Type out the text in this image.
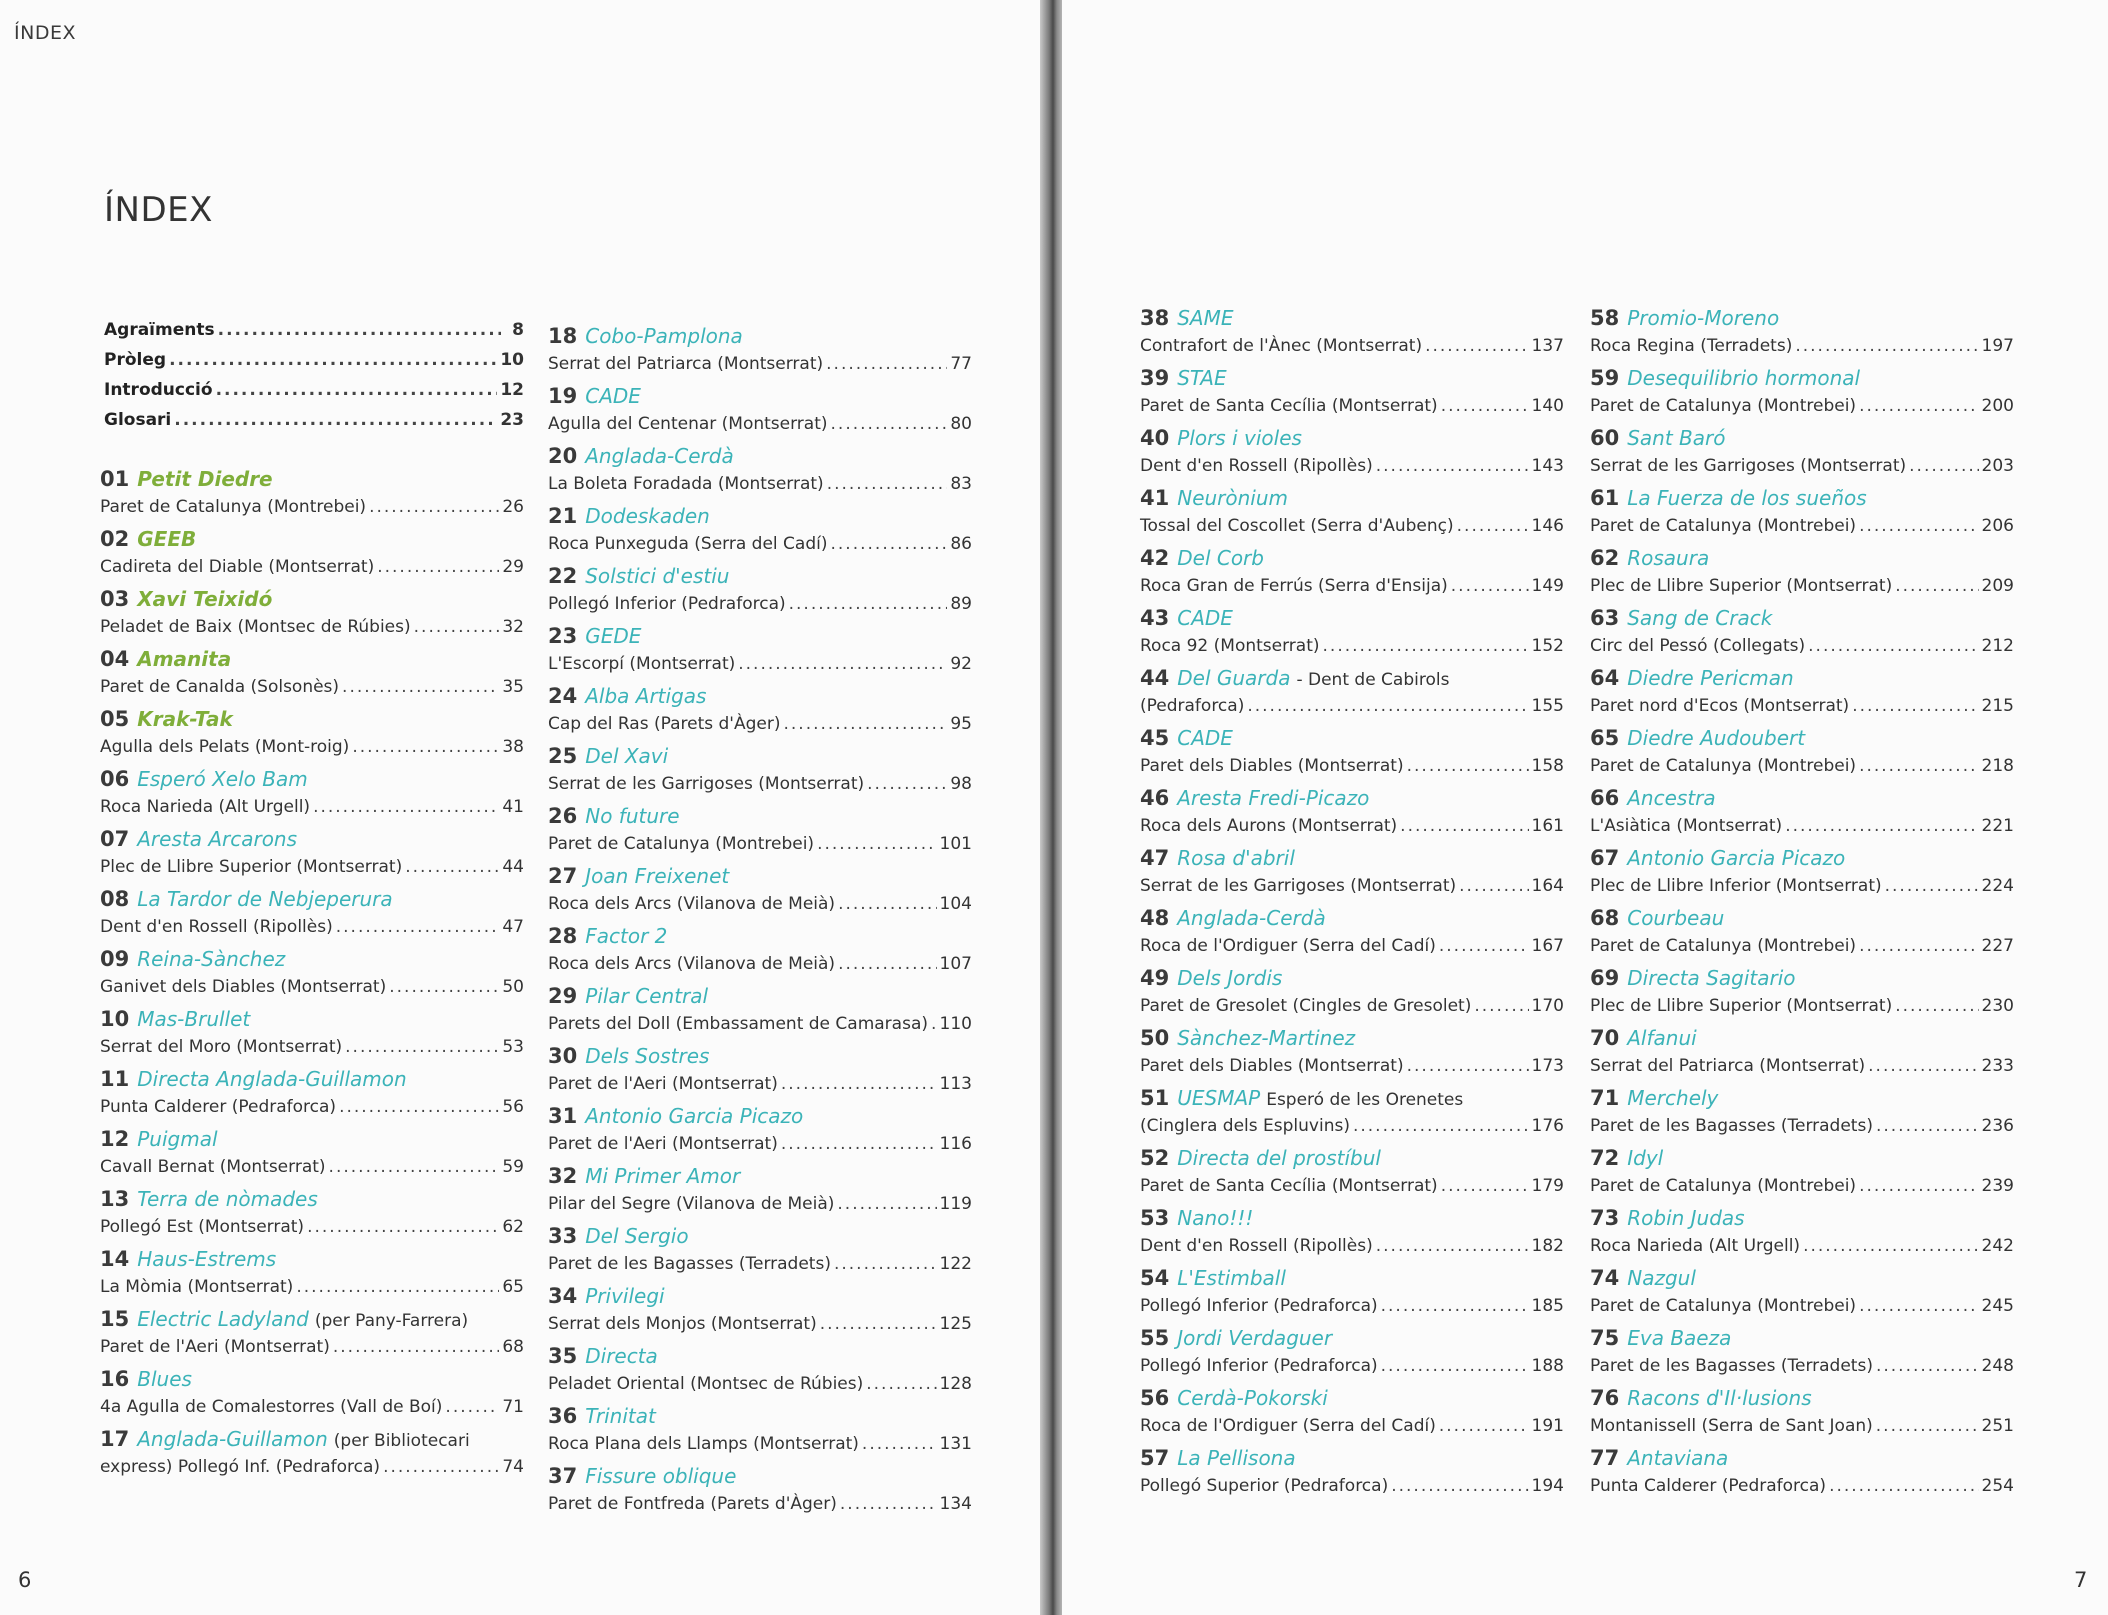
ÍNDEX
ÍNDEX
Agraïments .....	8
Pròleg .....	10
Introducció .....	12
Glosari .....	23
01 Petit Diedre
Paret de Catalunya (Montrebei) .....	26
02 GEEB
Cadireta del Diable (Montserrat) .....	29
03 Xavi Teixidó
Peladet de Baix (Montsec de Rúbies) .....	32
04 Amanita
Paret de Canalda (Solsonès) .....	35
05 Krak-Tak
Agulla dels Pelats (Mont-roig) .....	38
06 Esperó Xelo Bam
Roca Narieda (Alt Urgell) .....	41
07 Aresta Arcarons
Plec de Llibre Superior (Montserrat) .....	44
08 La Tardor de Nebjeperura
Dent d'en Rossell (Ripollès) .....	47
09 Reina-Sànchez
Ganivet dels Diables (Montserrat) .....	50
10 Mas-Brullet
Serrat del Moro (Montserrat) .....	53
11 Directa Anglada-Guillamon
Punta Calderer (Pedraforca) .....	56
12 Puigmal
Cavall Bernat (Montserrat) .....	59
13 Terra de nòmades
Pollegó Est (Montserrat) .....	62
14 Haus-Estrems
La Mòmia (Montserrat) .....	65
15 Electric Ladyland (per Pany-Farrera)
Paret de l'Aeri (Montserrat) .....	68
16 Blues
4a Agulla de Comalestorres (Vall de Boí) .....	71
17 Anglada-Guillamon (per Bibliotecari
express) Pollegó Inf. (Pedraforca) .....	74
18 Cobo-Pamplona
Serrat del Patriarca (Montserrat) .....	77
19 CADE
Agulla del Centenar (Montserrat) .....	80
20 Anglada-Cerdà
La Boleta Foradada (Montserrat) .....	83
21 Dodeskaden
Roca Punxeguda (Serra del Cadí) .....	86
22 Solstici d'estiu
Pollegó Inferior (Pedraforca) .....	89
23 GEDE
L'Escorpí (Montserrat) .....	92
24 Alba Artigas
Cap del Ras (Parets d'Àger) .....	95
25 Del Xavi
Serrat de les Garrigoses (Montserrat) .....	98
26 No future
Paret de Catalunya (Montrebei) .....	101
27 Joan Freixenet
Roca dels Arcs (Vilanova de Meià) .....	104
28 Factor 2
Roca dels Arcs (Vilanova de Meià) .....	107
29 Pilar Central
Parets del Doll (Embassament de Camarasa) ..... 110
30 Dels Sostres
Paret de l'Aeri (Montserrat) .....	113
31 Antonio Garcia Picazo
Paret de l'Aeri (Montserrat) .....	116
32 Mi Primer Amor
Pilar del Segre (Vilanova de Meià) .....	119
33 Del Sergio
Paret de les Bagasses (Terradets) .....	122
34 Privilegi
Serrat dels Monjos (Montserrat) .....	125
35 Directa
Peladet Oriental (Montsec de Rúbies) .....	128
36 Trinitat
Roca Plana dels Llamps (Montserrat) .....	131
37 Fissure oblique
Paret de Fontfreda (Parets d'Àger) .....	134
6
38 SAME
Contrafort de l'Ànec (Montserrat) .....	137
39 STAE
Paret de Santa Cecília (Montserrat) .....	140
40 Plors i violes
Dent d'en Rossell (Ripollès) .....	143
41 Neurònium
Tossal del Coscollet (Serra d'Aubenç) .....	146
42 Del Corb
Roca Gran de Ferrús (Serra d'Ensija) .....	149
43 CADE
Roca 92 (Montserrat) .....	152
44 Del Guarda - Dent de Cabirols
(Pedraforca) .....	155
45 CADE
Paret dels Diables (Montserrat) .....	158
46 Aresta Fredi-Picazo
Roca dels Aurons (Montserrat) .....	161
47 Rosa d'abril
Serrat de les Garrigoses (Montserrat) .....	164
48 Anglada-Cerdà
Roca de l'Ordiguer (Serra del Cadí) .....	167
49 Dels Jordis
Paret de Gresolet (Cingles de Gresolet) .....	170
50 Sànchez-Martinez
Paret dels Diables (Montserrat) .....	173
51 UESMAP Esperó de les Orenetes
(Cinglera dels Espluvins) .....	176
52 Directa del prostíbul
Paret de Santa Cecília (Montserrat) .....	179
53 Nano!!!
Dent d'en Rossell (Ripollès) .....	182
54 L'Estimball
Pollegó Inferior (Pedraforca) .....	185
55 Jordi Verdaguer
Pollegó Inferior (Pedraforca) .....	188
56 Cerdà-Pokorski
Roca de l'Ordiguer (Serra del Cadí) .....	191
57 La Pellisona
Pollegó Superior (Pedraforca) .....	194
58 Promio-Moreno
Roca Regina (Terradets) .....	197
59 Desequilibrio hormonal
Paret de Catalunya (Montrebei) .....	200
60 Sant Baró
Serrat de les Garrigoses (Montserrat) .....	203
61 La Fuerza de los sueños
Paret de Catalunya (Montrebei) .....	206
62 Rosaura
Plec de Llibre Superior (Montserrat) .....	209
63 Sang de Crack
Circ del Pessó (Collegats) .....	212
64 Diedre Pericman
Paret nord d'Ecos (Montserrat) .....	215
65 Diedre Audoubert
Paret de Catalunya (Montrebei) .....	218
66 Ancestra
L'Asiàtica (Montserrat) .....	221
67 Antonio Garcia Picazo
Plec de Llibre Inferior (Montserrat) .....	224
68 Courbeau
Paret de Catalunya (Montrebei) .....	227
69 Directa Sagitario
Plec de Llibre Superior (Montserrat) .....	230
70 Alfanui
Serrat del Patriarca (Montserrat) .....	233
71 Merchely
Paret de les Bagasses (Terradets) .....	236
72 Idyl
Paret de Catalunya (Montrebei) .....	239
73 Robin Judas
Roca Narieda (Alt Urgell) .....	242
74 Nazgul
Paret de Catalunya (Montrebei) .....	245
75 Eva Baeza
Paret de les Bagasses (Terradets) .....	248
76 Racons d'Il·lusions
Montanissell (Serra de Sant Joan) .....	251
77 Antaviana
Punta Calderer (Pedraforca) .....	254
7
